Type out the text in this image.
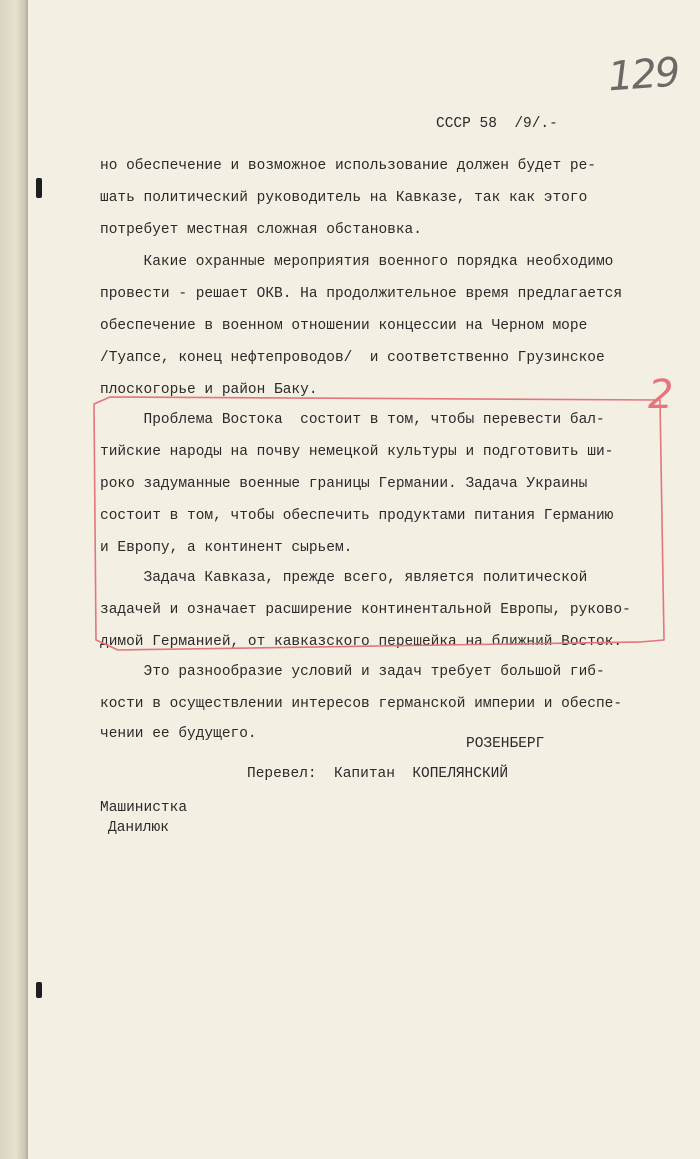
129
СССР 58  /9/.-
но обеспечение и возможное использование должен будет ре-
шать политический руководитель на Кавказе, так как этого
потребует местная сложная обстановка.
Какие охранные мероприятия военного порядка необходимо
провести - решает ОКВ. На продолжительное время предлагается
обеспечение в военном отношении концессии на Черном море
/Туапсе, конец нефтепроводов/  и соответственно Грузинское
плоскогорье и район Баку.
Проблема Востока  состоит в том, чтобы перевести бал-
тийские народы на почву немецкой культуры и подготовить ши-
роко задуманные военные границы Германии. Задача Украины
состоит в том, чтобы обеспечить продуктами питания Германию
и Европу, а континент сырьем.
Задача Кавказа, прежде всего, является политической
задачей и означает расширение континентальной Европы, руково-
димой Германией, от кавказского перешейка на ближний Восток.
Это разнообразие условий и задач требует большой гиб-
кости в осуществлении интересов германской империи и обеспе-
чении ее будущего.
РОЗЕНБЕРГ
Перевел:  Капитан  КОПЕЛЯНСКИЙ
Машинистка
Данилюк
2
